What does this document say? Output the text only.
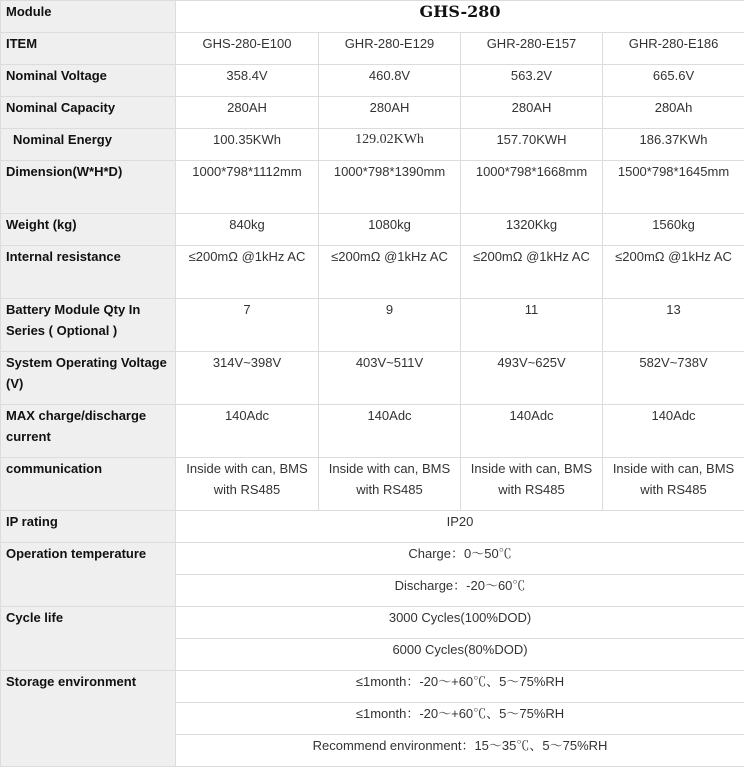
Module	GHS-280			
ITEM	GHS-280-E100	GHR-280-E129	GHR-280-E157	GHR-280-E186
Nominal Voltage	358.4V	460.8V	563.2V	665.6V
Nominal Capacity	280AH	280AH	280AH	280Ah
Nominal Energy	100.35KWh	129.02KWh	157.70KWH	186.37KWh
Dimension(W*H*D)	1000*798*1112mm	1000*798*1390mm	1000*798*1668mm	1500*798*1645mm
Weight (kg)	840kg	1080kg	1320Kkg	1560kg
Internal resistance	≤200mΩ @1kHz AC	≤200mΩ @1kHz AC	≤200mΩ @1kHz AC	≤200mΩ @1kHz AC
Battery Module Qty In Series ( Optional )	7	9	11	13
System Operating Voltage (V)	314V~398V	403V~511V	493V~625V	582V~738V
MAX charge/discharge current	140Adc	140Adc	140Adc	140Adc
communication	Inside with can, BMS with RS485	Inside with can, BMS with RS485	Inside with can, BMS with RS485	Inside with can, BMS with RS485
IP rating	IP20			
Operation temperature	Charge：0～50℃			
	Discharge：-20～60℃			
Cycle life	3000 Cycles(100%DOD)			
	6000 Cycles(80%DOD)			
Storage environment	≤1month：-20～+60℃、5～75%RH			
	≤1month：-20～+60℃、5～75%RH			
	Recommend environment：15～35℃、5～75%RH			
